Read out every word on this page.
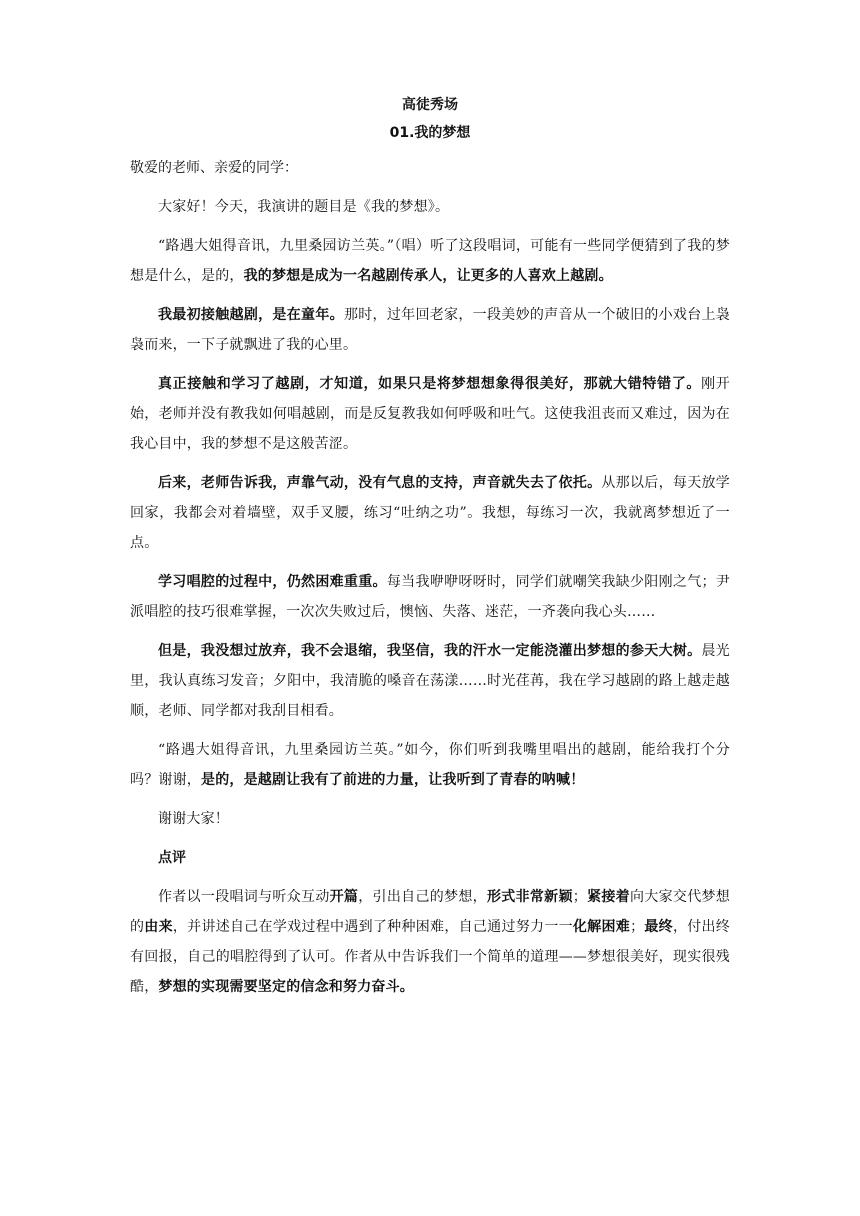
高徒秀场

01.我的梦想

敬爱的老师、亲爱的同学：

大家好！今天，我演讲的题目是《我的梦想》。

“路遇大姐得音讯，九里桑园访兰英。”（唱）听了这段唱词，可能有一些同学便猜到了我的梦想是什么，是的，我的梦想是成为一名越剧传承人，让更多的人喜欢上越剧。

我最初接触越剧，是在童年。那时，过年回老家，一段美妙的声音从一个破旧的小戏台上袅袅而来，一下子就飘进了我的心里。

真正接触和学习了越剧，才知道，如果只是将梦想想象得很美好，那就大错特错了。刚开始，老师并没有教我如何唱越剧，而是反复教我如何呼吸和吐气。这使我沮丧而又难过，因为在我心目中，我的梦想不是这般苦涩。

后来，老师告诉我，声靠气动，没有气息的支持，声音就失去了依托。从那以后，每天放学回家，我都会对着墙壁，双手叉腰，练习“吐纳之功”。我想，每练习一次，我就离梦想近了一点。

学习唱腔的过程中，仍然困难重重。每当我咿咿呀呀时，同学们就嘲笑我缺少阳刚之气；尹派唱腔的技巧很难掌握，一次次失败过后，懊恼、失落、迷茫，一齐袭向我心头……

但是，我没想过放弃，我不会退缩，我坚信，我的汗水一定能浇灌出梦想的参天大树。晨光里，我认真练习发音；夕阳中，我清脆的嗓音在荡漾……时光荏苒，我在学习越剧的路上越走越顺，老师、同学都对我刮目相看。

“路遇大姐得音讯，九里桑园访兰英。”如今，你们听到我嘴里唱出的越剧，能给我打个分吗？谢谢，是的，是越剧让我有了前进的力量，让我听到了青春的呐喊！

谢谢大家！

点评

作者以一段唱词与听众互动开篇，引出自己的梦想，形式非常新颖；紧接着向大家交代梦想的由来，并讲述自己在学戏过程中遇到了种种困难，自己通过努力一一化解困难；最终，付出终有回报，自己的唱腔得到了认可。作者从中告诉我们一个简单的道理——梦想很美好，现实很残酷，梦想的实现需要坚定的信念和努力奋斗。
